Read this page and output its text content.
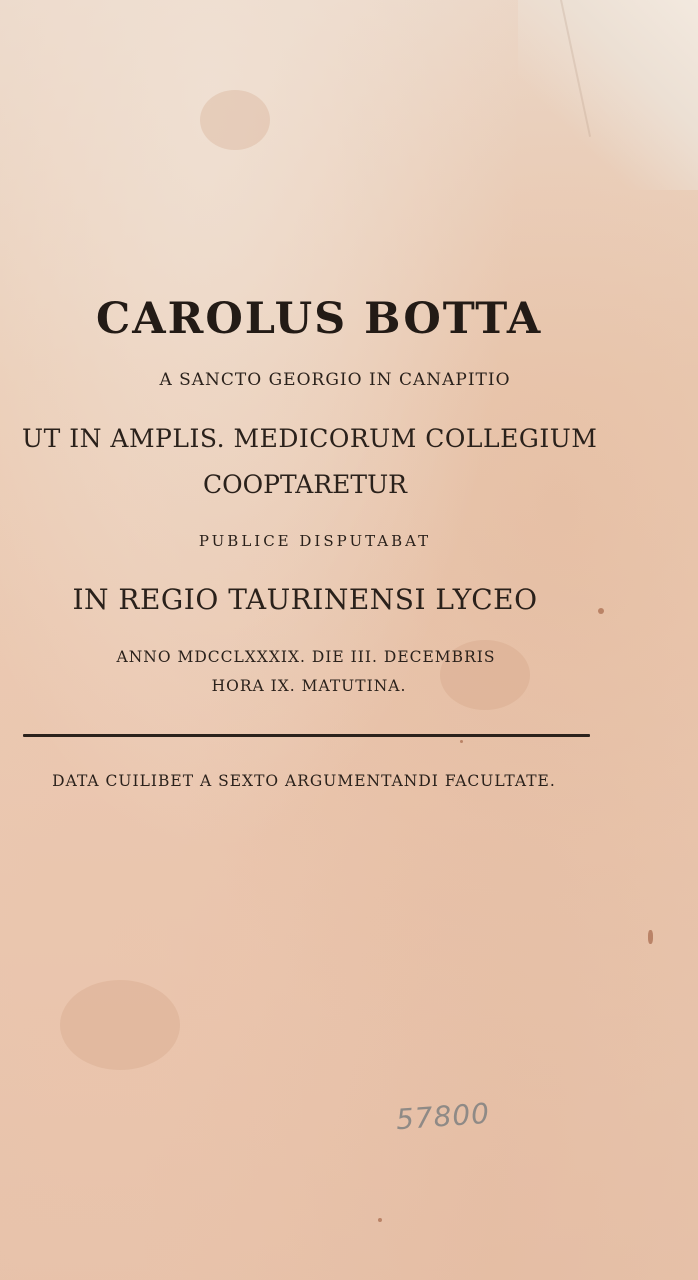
CAROLUS BOTTA

A SANCTO GEORGIO IN CANAPITIO

UT IN AMPLIS. MEDICORUM COLLEGIUM

COOPTARETUR

PUBLICE DISPUTABAT

IN REGIO TAURINENSI LYCEO

ANNO MDCCLXXXIX. DIE III. DECEMBRIS

HORA IX. MATUTINA.

DATA CUILIBET A SEXTO ARGUMENTANDI FACULTATE.

57800
